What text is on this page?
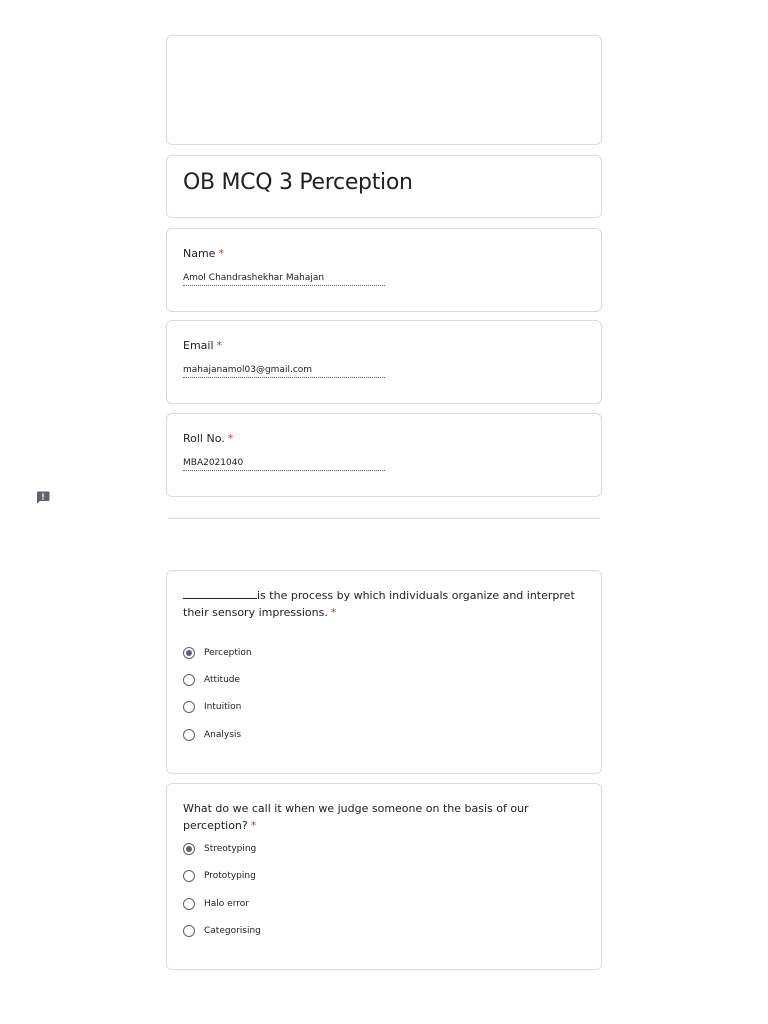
OB MCQ 3 Perception
Name *
Amol Chandrashekhar Mahajan
Email *
mahajanamol03@gmail.com
Roll No. *
MBA2021040
is the process by which individuals organize and interpret their sensory impressions. *
Perception
Attitude
Intuition
Analysis
What do we call it when we judge someone on the basis of our perception? *
Streotyping
Prototyping
Halo error
Categorising
